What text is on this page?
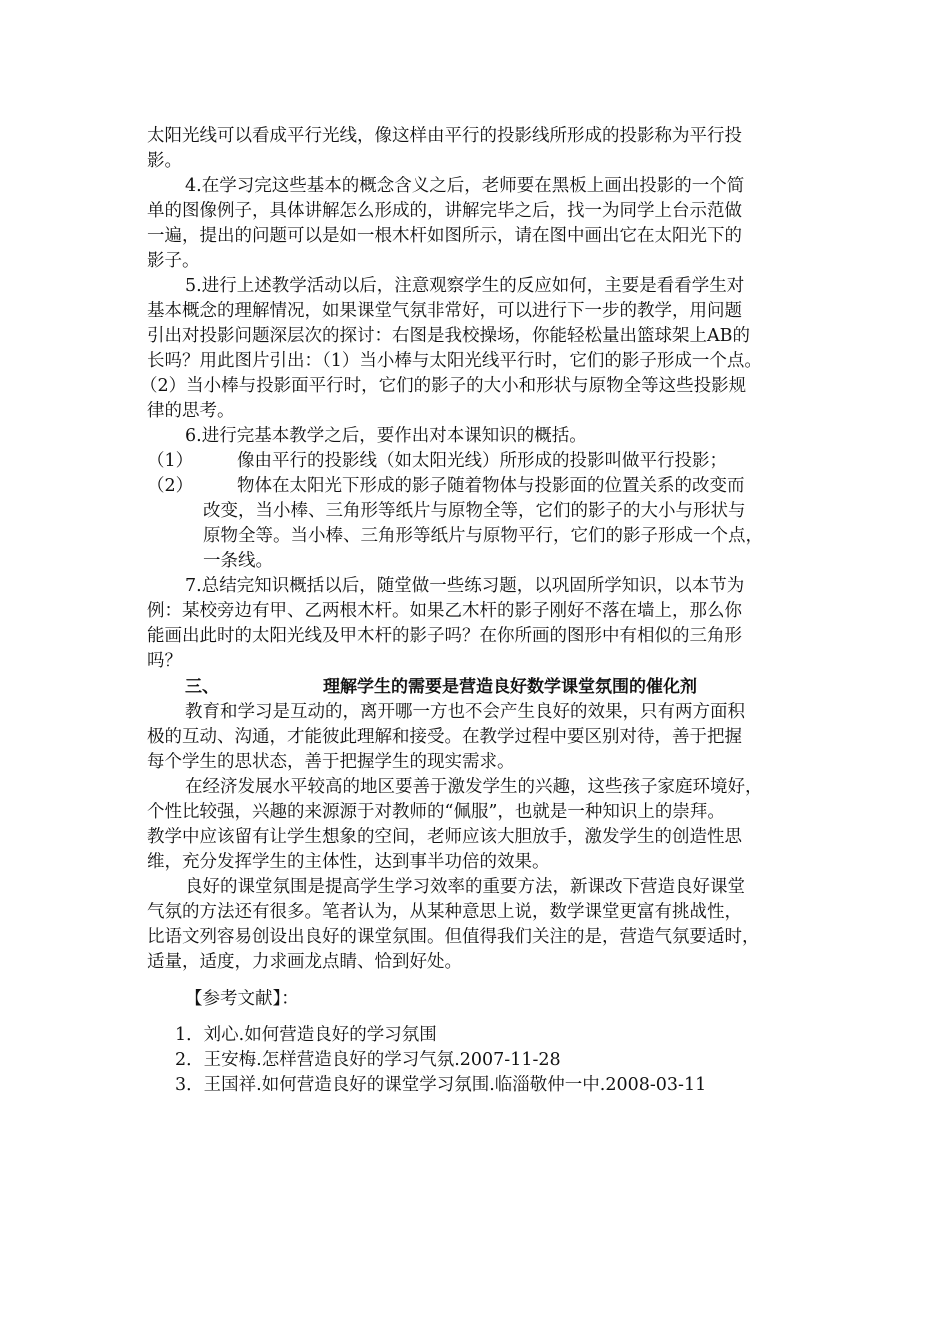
太阳光线可以看成平行光线，像这样由平行的投影线所形成的投影称为平行投
影。
4.在学习完这些基本的概念含义之后，老师要在黑板上画出投影的一个简
单的图像例子，具体讲解怎么形成的，讲解完毕之后，找一为同学上台示范做
一遍，提出的问题可以是如一根木杆如图所示，请在图中画出它在太阳光下的
影子。
5.进行上述教学活动以后，注意观察学生的反应如何，主要是看看学生对
基本概念的理解情况，如果课堂气氛非常好，可以进行下一步的教学，用问题
引出对投影问题深层次的探讨：右图是我校操场，你能轻松量出篮球架上AB的
长吗？用此图片引出：（1）当小棒与太阳光线平行时，它们的影子形成一个点。
（2）当小棒与投影面平行时，它们的影子的大小和形状与原物全等这些投影规
律的思考。
6.进行完基本教学之后，要作出对本课知识的概括。
（1）	像由平行的投影线（如太阳光线）所形成的投影叫做平行投影；
（2）	物体在太阳光下形成的影子随着物体与投影面的位置关系的改变而
改变，当小棒、三角形等纸片与原物全等，它们的影子的大小与形状与
原物全等。当小棒、三角形等纸片与原物平行，它们的影子形成一个点，
一条线。
7.总结完知识概括以后，随堂做一些练习题，以巩固所学知识，以本节为
例：某校旁边有甲、乙两根木杆。如果乙木杆的影子刚好不落在墙上，那么你
能画出此时的太阳光线及甲木杆的影子吗？在你所画的图形中有相似的三角形
吗？
三、	理解学生的需要是营造良好数学课堂氛围的催化剂
教育和学习是互动的，离开哪一方也不会产生良好的效果，只有两方面积
极的互动、沟通，才能彼此理解和接受。在教学过程中要区别对待，善于把握
每个学生的思状态，善于把握学生的现实需求。
在经济发展水平较高的地区要善于激发学生的兴趣，这些孩子家庭环境好，
个性比较强，兴趣的来源源于对教师的“佩服”，也就是一种知识上的崇拜。
教学中应该留有让学生想象的空间，老师应该大胆放手，激发学生的创造性思
维，充分发挥学生的主体性，达到事半功倍的效果。
良好的课堂氛围是提高学生学习效率的重要方法，新课改下营造良好课堂
气氛的方法还有很多。笔者认为，从某种意思上说，数学课堂更富有挑战性，
比语文列容易创设出良好的课堂氛围。但值得我们关注的是，营造气氛要适时，
适量，适度，力求画龙点睛、恰到好处。
【参考文献】：
1．刘心.如何营造良好的学习氛围
2．王安梅.怎样营造良好的学习气氛.2007-11-28
3．王国祥.如何营造良好的课堂学习氛围.临淄敬仲一中.2008-03-11
